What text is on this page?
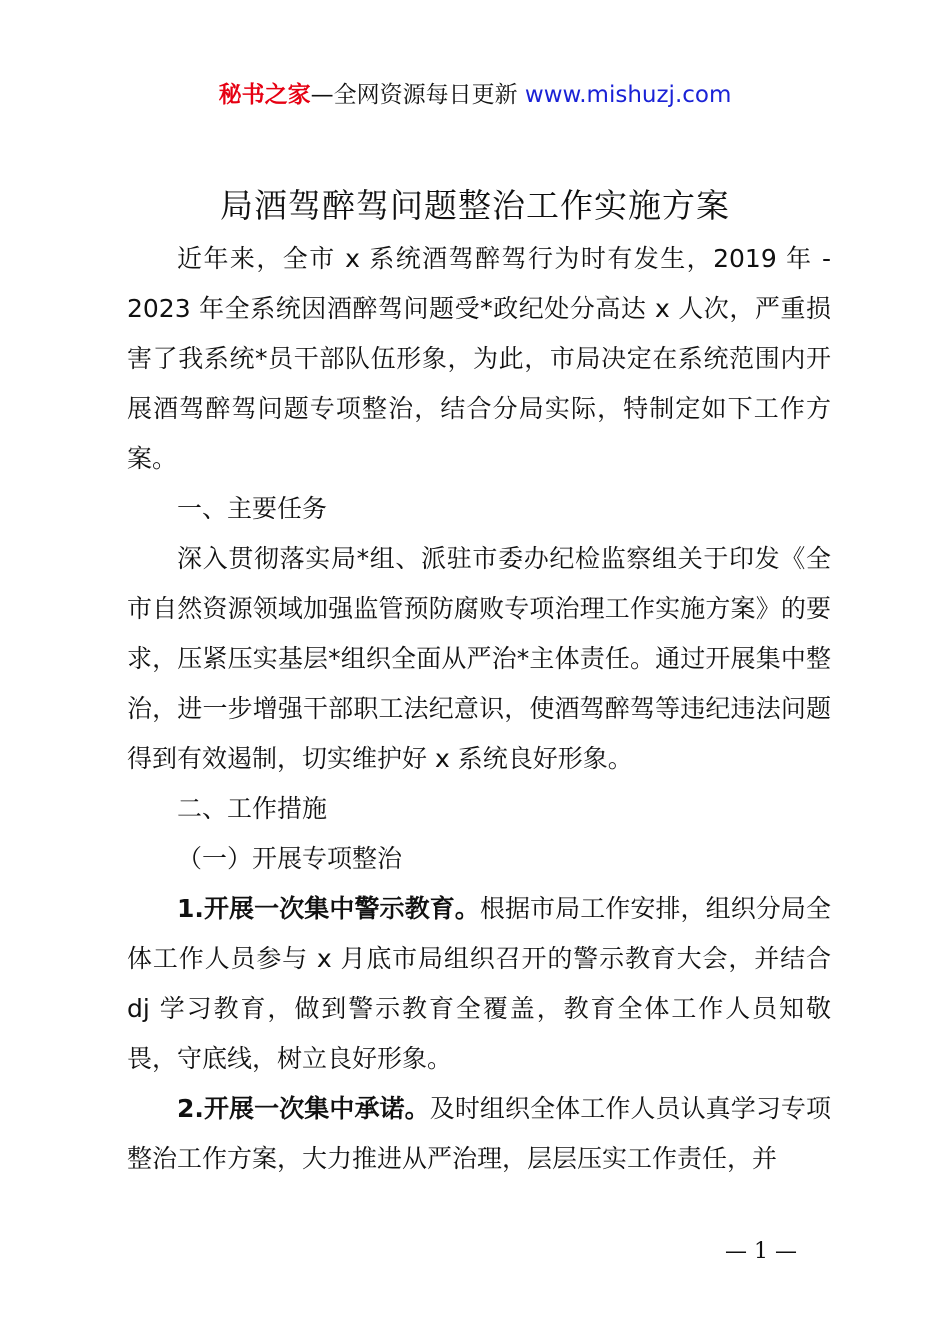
秘书之家—全网资源每日更新 www.mishuzj.com
局酒驾醉驾问题整治工作实施方案

近年来，全市 x 系统酒驾醉驾行为时有发生，2019 年 - 2023 年全系统因酒醉驾问题受*政纪处分高达 x 人次，严重损害了我系统*员干部队伍形象，为此，市局决定在系统范围内开展酒驾醉驾问题专项整治，结合分局实际，特制定如下工作方案。

一、主要任务

深入贯彻落实局*组、派驻市委办纪检监察组关于印发《全市自然资源领域加强监管预防腐败专项治理工作实施方案》的要求，压紧压实基层*组织全面从严治*主体责任。通过开展集中整治，进一步增强干部职工法纪意识，使酒驾醉驾等违纪违法问题得到有效遏制，切实维护好 x 系统良好形象。

二、工作措施

（一）开展专项整治

1.开展一次集中警示教育。根据市局工作安排，组织分局全体工作人员参与 x 月底市局组织召开的警示教育大会，并结合 dj 学习教育，做到警示教育全覆盖，教育全体工作人员知敬畏，守底线，树立良好形象。

2.开展一次集中承诺。及时组织全体工作人员认真学习专项整治工作方案，大力推进从严治理，层层压实工作责任，并

— 1 —
